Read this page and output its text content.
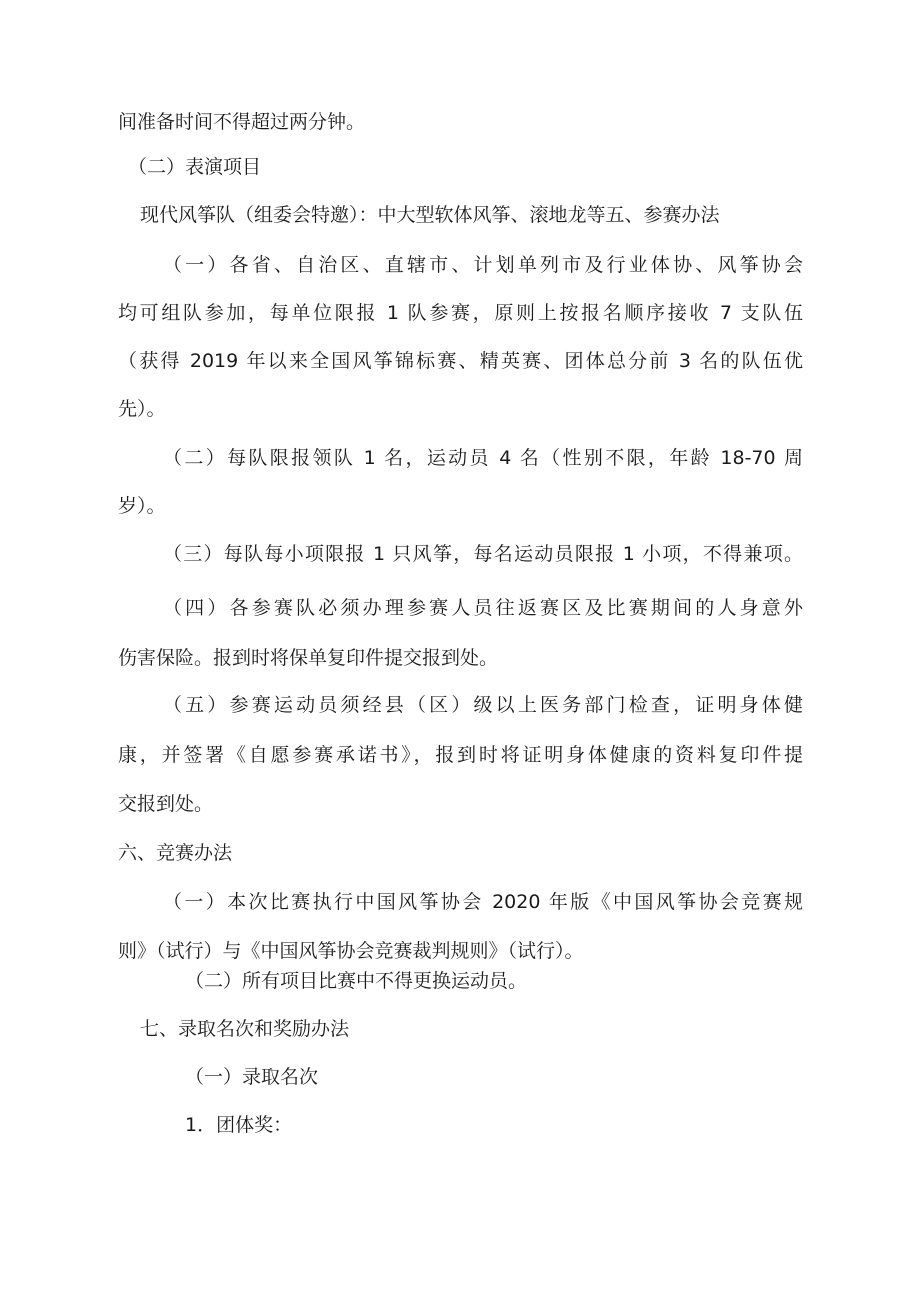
间准备时间不得超过两分钟。

（二）表演项目

现代风筝队（组委会特邀）：中大型软体风筝、滚地龙等五、参赛办法

（一）各省、自治区、直辖市、计划单列市及行业体协、风筝协会

均可组队参加，每单位限报 1 队参赛，原则上按报名顺序接收 7 支队伍

（获得 2019 年以来全国风筝锦标赛、精英赛、团体总分前 3 名的队伍优

先）。

（二）每队限报领队 1 名，运动员 4 名（性别不限，年龄 18-70 周

岁）。

（三）每队每小项限报 1 只风筝，每名运动员限报 1 小项，不得兼项。

（四）各参赛队必须办理参赛人员往返赛区及比赛期间的人身意外

伤害保险。报到时将保单复印件提交报到处。

（五）参赛运动员须经县（区）级以上医务部门检查，证明身体健

康，并签署《自愿参赛承诺书》，报到时将证明身体健康的资料复印件提

交报到处。

六、竞赛办法

（一）本次比赛执行中国风筝协会 2020 年版《中国风筝协会竞赛规

则》（试行）与《中国风筝协会竞赛裁判规则》（试行）。

（二）所有项目比赛中不得更换运动员。

七、录取名次和奖励办法

（一）录取名次

1．团体奖：
